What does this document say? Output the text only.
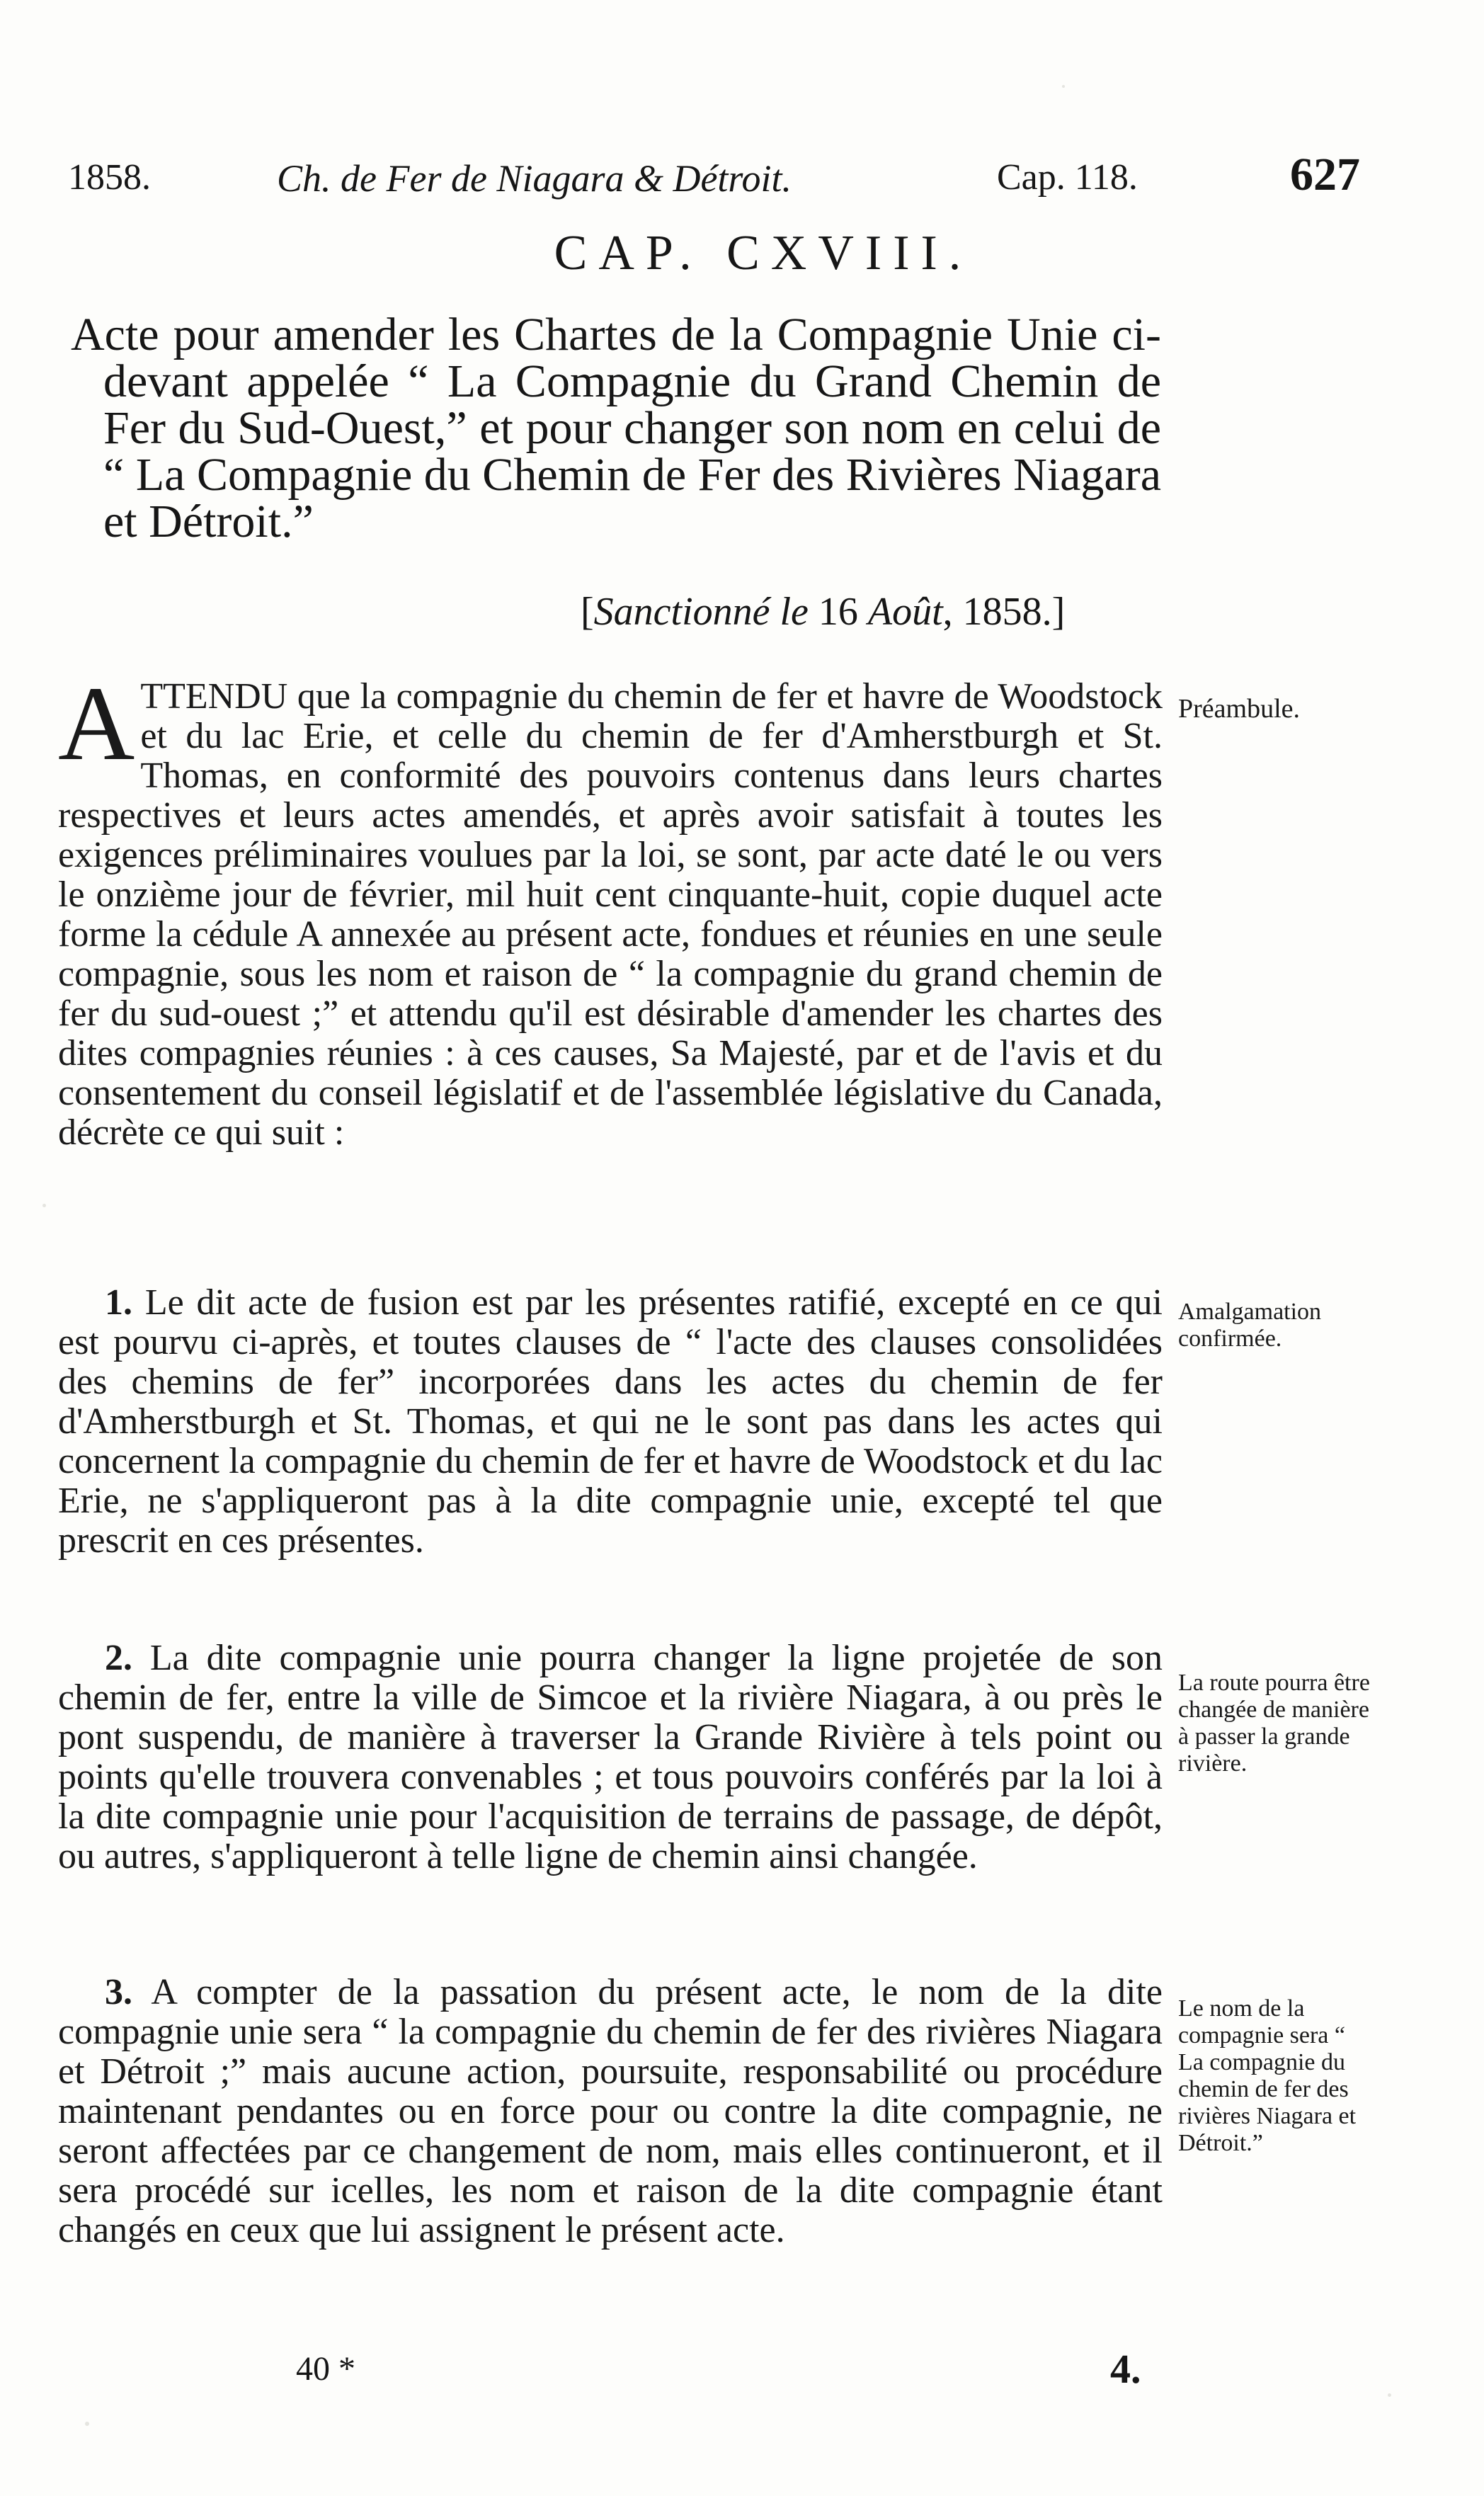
1858.	Ch. de Fer de Niagara & Détroit.	Cap. 118.	627
CAP. CXVIII.
Acte pour amender les Chartes de la Compagnie Unie ci-devant appelée “ La Compagnie du Grand Chemin de Fer du Sud-Ouest,” et pour changer son nom en celui de “ La Compagnie du Chemin de Fer des Rivières Niagara et Détroit.”
[Sanctionné le 16 Août, 1858.]
ATTENDU que la compagnie du chemin de fer et havre de Woodstock et du lac Erie, et celle du chemin de fer d'Amherstburgh et St. Thomas, en conformité des pouvoirs contenus dans leurs chartes respectives et leurs actes amendés, et après avoir satisfait à toutes les exigences préliminaires voulues par la loi, se sont, par acte daté le ou vers le onzième jour de février, mil huit cent cinquante-huit, copie duquel acte forme la cédule A annexée au présent acte, fondues et réunies en une seule compagnie, sous les nom et raison de “ la compagnie du grand chemin de fer du sud-ouest ;” et attendu qu'il est désirable d'amender les chartes des dites compagnies réunies : à ces causes, Sa Majesté, par et de l'avis et du consentement du conseil législatif et de l'assemblée législative du Canada, décrète ce qui suit :
Préambule.
1. Le dit acte de fusion est par les présentes ratifié, excepté en ce qui est pourvu ci-après, et toutes clauses de “ l'acte des clauses consolidées des chemins de fer” incorporées dans les actes du chemin de fer d'Amherstburgh et St. Thomas, et qui ne le sont pas dans les actes qui concernent la compagnie du chemin de fer et havre de Woodstock et du lac Erie, ne s'appliqueront pas à la dite compagnie unie, excepté tel que prescrit en ces présentes.
Amalgamation confirmée.
2. La dite compagnie unie pourra changer la ligne projetée de son chemin de fer, entre la ville de Simcoe et la rivière Niagara, à ou près le pont suspendu, de manière à traverser la Grande Rivière à tels point ou points qu'elle trouvera convenables ; et tous pouvoirs conférés par la loi à la dite compagnie unie pour l'acquisition de terrains de passage, de dépôt, ou autres, s'appliqueront à telle ligne de chemin ainsi changée.
La route pourra être changée de manière à passer la grande rivière.
3. A compter de la passation du présent acte, le nom de la dite compagnie unie sera “ la compagnie du chemin de fer des rivières Niagara et Détroit ;” mais aucune action, poursuite, responsabilité ou procédure maintenant pendantes ou en force pour ou contre la dite compagnie, ne seront affectées par ce changement de nom, mais elles continueront, et il sera procédé sur icelles, les nom et raison de la dite compagnie étant changés en ceux que lui assignent le présent acte.
Le nom de la compagnie sera “ La compagnie du chemin de fer des rivières Niagara et Détroit.”
40 *	4.
